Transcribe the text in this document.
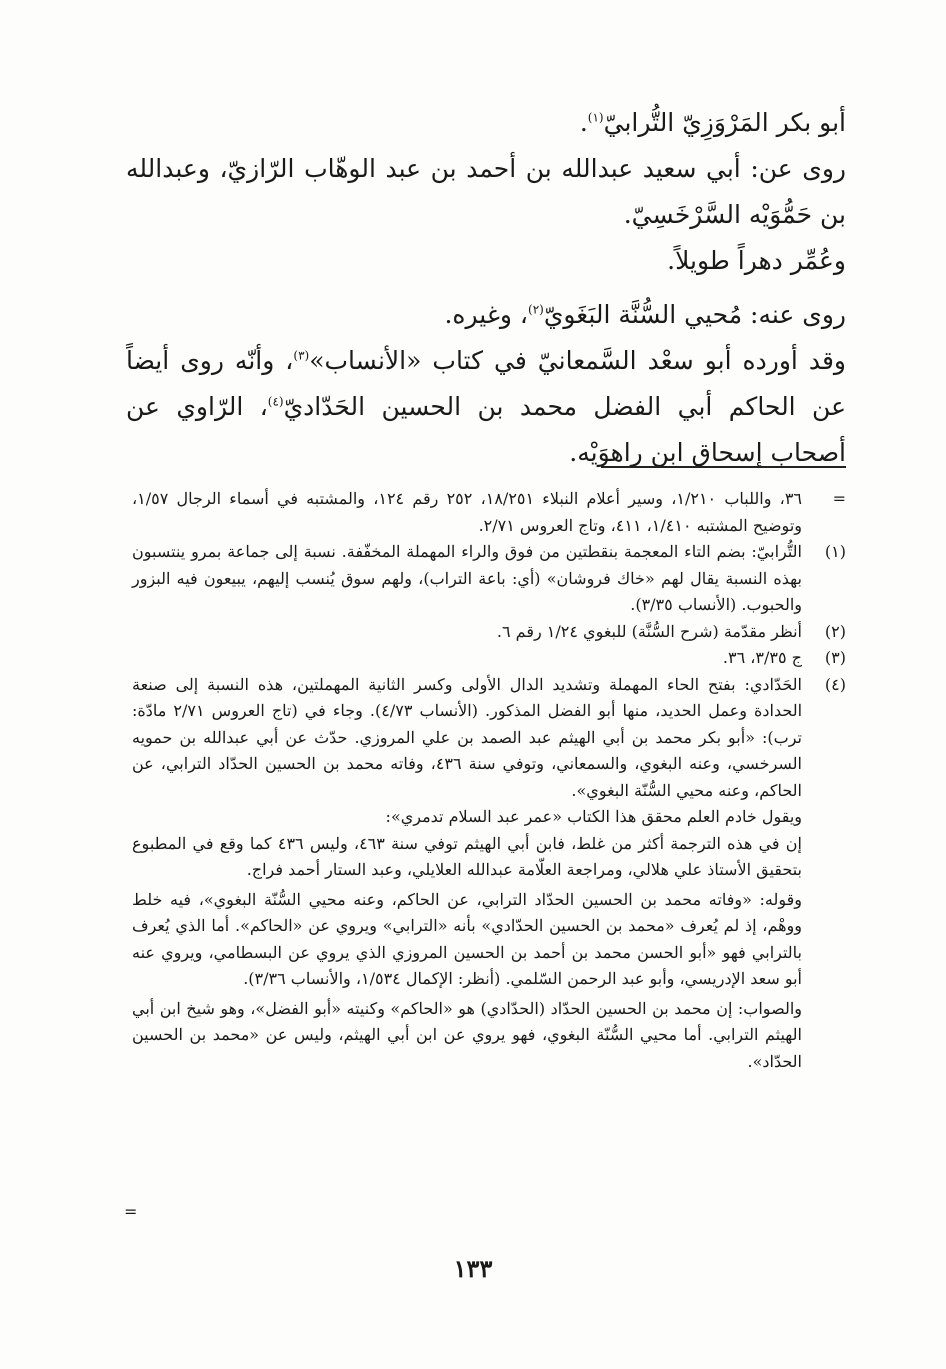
أبو بكر المَرْوَزِيّ التُّرابيّ$^{(١)}$.

روى عن: أبي سعيد عبدالله بن أحمد بن عبد الوهّاب الرّازيّ، وعبدالله بن حَمُّوَيْه السَّرْخَسِيّ.

وعُمِّر دهراً طويلاً.

روى عنه: مُحيي السُّنَّة البَغَويّ$^{(٢)}$، وغيره.

وقد أورده أبو سعْد السَّمعانيّ في كتاب «الأنساب»$^{(٣)}$، وأنّه روى أيضاً عن الحاكم أبي الفضل محمد بن الحسين الحَدّاديّ$^{(٤)}$، الرّاوي عن أصحاب إسحاق ابن راهوَيْه.

=
٣٦، واللباب ١/٢١٠، وسير أعلام النبلاء ١٨/٢٥١، ٢٥٢ رقم ١٢٤، والمشتبه في أسماء الرجال ١/٥٧، وتوضيح المشتبه ١/٤١٠، ٤١١، وتاج العروس ٢/٧١.
(١)
التُّرابيّ: بضم التاء المعجمة بنقطتين من فوق والراء المهملة المخفّفة. نسبة إلى جماعة بمرو ينتسبون بهذه النسبة يقال لهم «خاك فروشان» (أي: باعة التراب)، ولهم سوق يُنسب إليهم، يبيعون فيه البزور والحبوب. (الأنساب ٣/٣٥).
(٢)
أنظر مقدّمة (شرح السُّنَّة) للبغوي ١/٢٤ رقم ٦.
(٣)
ج ٣/٣٥، ٣٦.
(٤)

الحَدّادي: بفتح الحاء المهملة وتشديد الدال الأولى وكسر الثانية المهملتين، هذه النسبة إلى صنعة الحدادة وعمل الحديد، منها أبو الفضل المذكور. (الأنساب ٤/٧٣). وجاء في (تاج العروس ٢/٧١ مادّة: ترب): «أبو بكر محمد بن أبي الهيثم عبد الصمد بن علي المروزي. حدّث عن أبي عبدالله بن حمويه السرخسي، وعنه البغوي، والسمعاني، وتوفي سنة ٤٣٦، وفاته محمد بن الحسين الحدّاد الترابي، عن الحاكم، وعنه محيي السُّنّة البغوي».

ويقول خادم العلم محقق هذا الكتاب «عمر عبد السلام تدمري»:

إن في هذه الترجمة أكثر من غلط، فابن أبي الهيثم توفي سنة ٤٦٣، وليس ٤٣٦ كما وقع في المطبوع بتحقيق الأستاذ علي هلالي، ومراجعة العلّامة عبدالله العلايلي، وعبد الستار أحمد فراج.

وقوله: «وفاته محمد بن الحسين الحدّاد الترابي، عن الحاكم، وعنه محيي السُّنّة البغوي»، فيه خلط ووهْم، إذ لم يُعرف «محمد بن الحسين الحدّادي» بأنه «الترابي» ويروي عن «الحاكم». أما الذي يُعرف بالترابي فهو «أبو الحسن محمد بن أحمد بن الحسين المروزي الذي يروي عن البسطامي، ويروي عنه أبو سعد الإدريسي، وأبو عبد الرحمن السّلمي. (أنظر: الإكمال ١/٥٣٤، والأنساب ٣/٣٦).

والصواب: إن محمد بن الحسين الحدّاد (الحدّادي) هو «الحاكم» وكنيته «أبو الفضل»، وهو شيخ ابن أبي الهيثم الترابي. أما محيي السُّنّة البغوي، فهو يروي عن ابن أبي الهيثم، وليس عن «محمد بن الحسين الحدّاد».

=
١٣٣
